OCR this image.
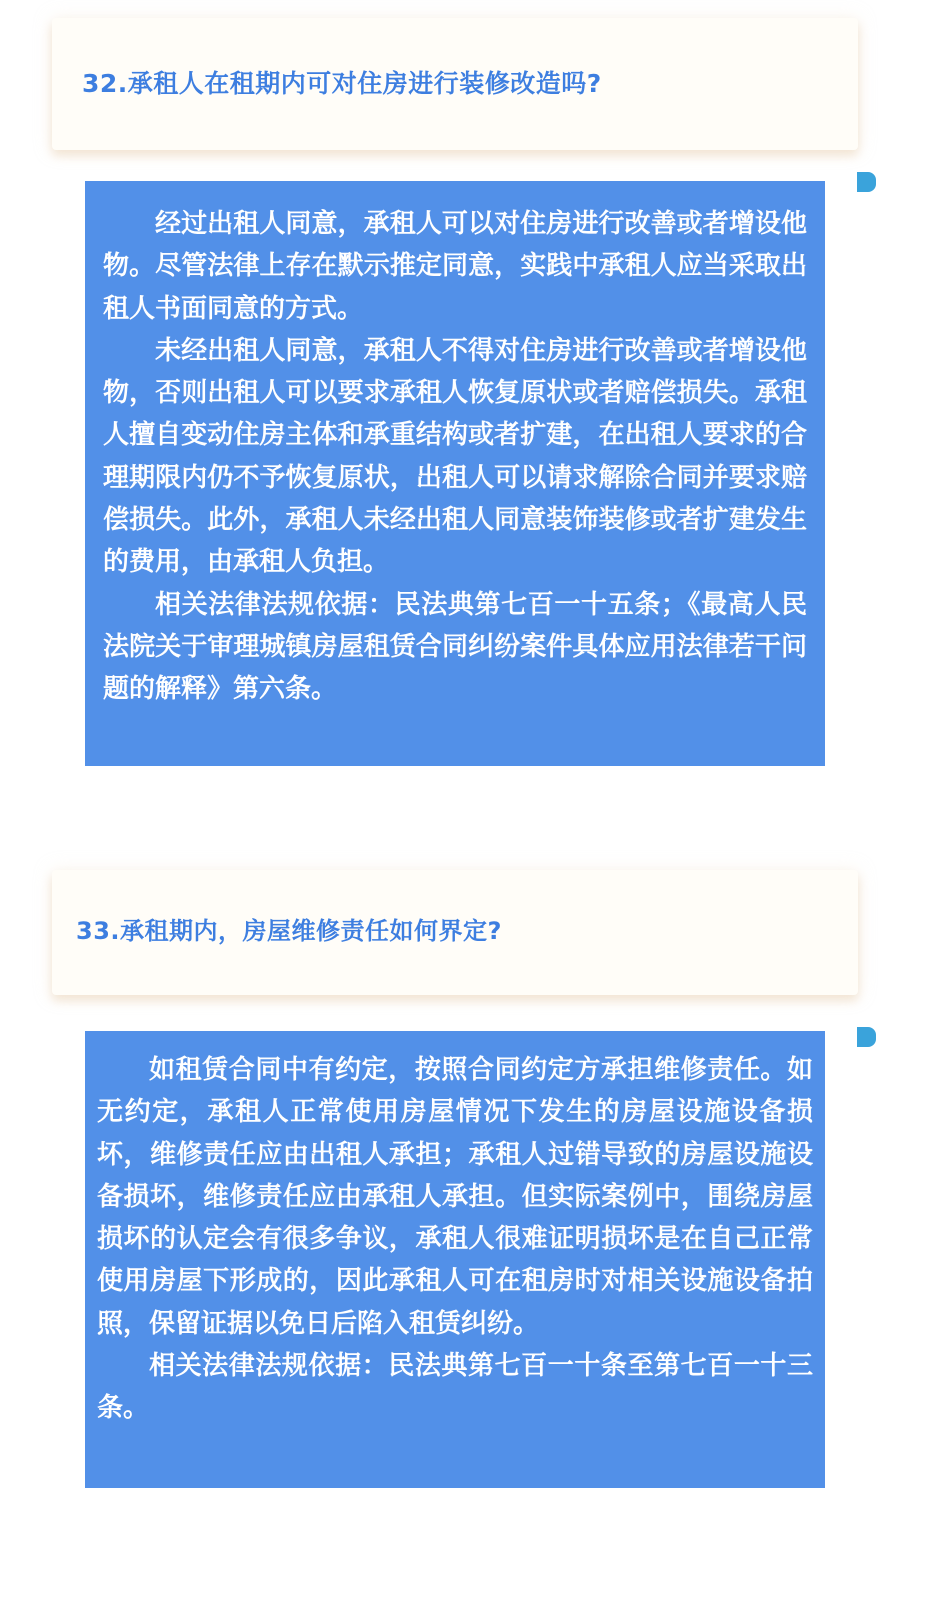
32.承租人在租期内可对住房进行装修改造吗?

经过出租人同意，承租人可以对住房进行改善或者增设他物。尽管法律上存在默示推定同意，实践中承租人应当采取出租人书面同意的方式。

未经出租人同意，承租人不得对住房进行改善或者增设他物，否则出租人可以要求承租人恢复原状或者赔偿损失。承租人擅自变动住房主体和承重结构或者扩建，在出租人要求的合理期限内仍不予恢复原状，出租人可以请求解除合同并要求赔偿损失。此外，承租人未经出租人同意装饰装修或者扩建发生的费用，由承租人负担。

相关法律法规依据：民法典第七百一十五条；《最高人民法院关于审理城镇房屋租赁合同纠纷案件具体应用法律若干问题的解释》第六条。

33.承租期内，房屋维修责任如何界定?

如租赁合同中有约定，按照合同约定方承担维修责任。如无约定，承租人正常使用房屋情况下发生的房屋设施设备损坏，维修责任应由出租人承担；承租人过错导致的房屋设施设备损坏，维修责任应由承租人承担。但实际案例中，围绕房屋损坏的认定会有很多争议，承租人很难证明损坏是在自己正常使用房屋下形成的，因此承租人可在租房时对相关设施设备拍照，保留证据以免日后陷入租赁纠纷。

相关法律法规依据：民法典第七百一十条至第七百一十三条。
